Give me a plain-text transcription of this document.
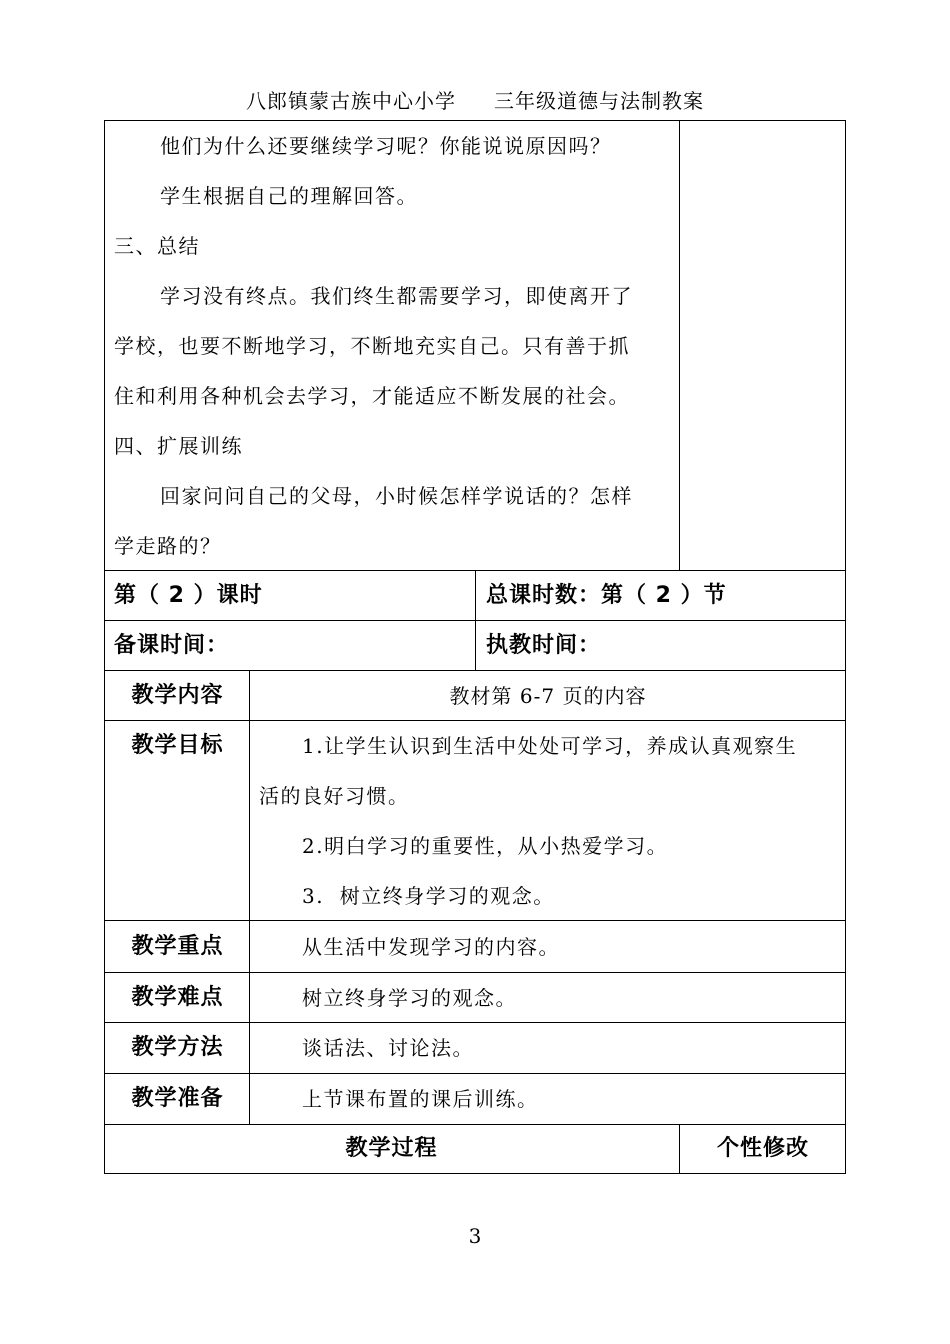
八郎镇蒙古族中心小学 三年级道德与法制教案
他们为什么还要继续学习呢？你能说说原因吗？
学生根据自己的理解回答。
三、总结
学习没有终点。我们终生都需要学习，即使离开了
学校，也要不断地学习，不断地充实自己。只有善于抓
住和利用各种机会去学习，才能适应不断发展的社会。
四、扩展训练
回家问问自己的父母，小时候怎样学说话的？怎样
学走路的？
第（ 2 ）课时	总课时数：第（ 2 ）节
备课时间：	执教时间：
教学内容	教材第 6-7 页的内容
教学目标	1.让学生认识到生活中处处可学习，养成认真观察生
活的良好习惯。
2.明白学习的重要性，从小热爱学习。
3.  树立终身学习的观念。
教学重点	从生活中发现学习的内容。
教学难点	树立终身学习的观念。
教学方法	谈话法、讨论法。
教学准备	上节课布置的课后训练。
教学过程	个性修改
3
